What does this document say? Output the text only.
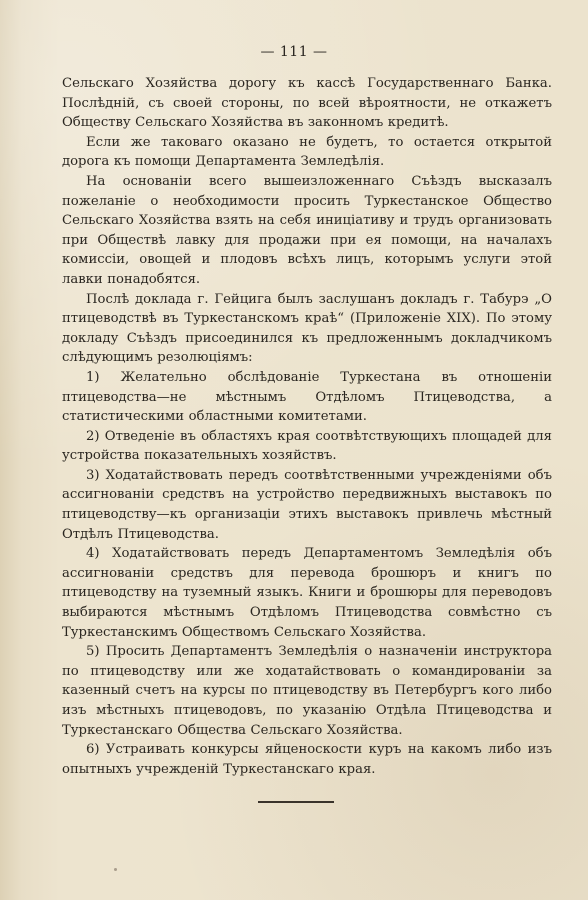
— 111 —

Сельскаго Хозяйства дорогу къ кассѣ Государственнаго Банка. Послѣдній, съ своей стороны, по всей вѣроятности, не откажетъ Обществу Сельскаго Хозяйства въ законномъ кредитѣ.

Если же таковаго оказано не будетъ, то остается открытой дорога къ помощи Департамента Земледѣлія.

На основаніи всего вышеизложеннаго Съѣздъ высказалъ пожеланіе о необходимости просить Туркестанское Общество Сельскаго Хозяйства взять на себя иниціативу и трудъ организовать при Обществѣ лавку для продажи при ея помощи, на началахъ комиссіи, овощей и плодовъ всѣхъ лицъ, которымъ услуги этой лавки понадобятся.

Послѣ доклада г. Гейцига былъ заслушанъ докладъ г. Табурэ „О птицеводствѣ въ Туркестанскомъ краѣ“ (Приложеніе XIX). По этому докладу Съѣздъ присоединился къ предложеннымъ докладчикомъ слѣдующимъ резолюціямъ:

1) Желательно обслѣдованіе Туркестана въ отношеніи птицеводства—не мѣстнымъ Отдѣломъ Птицеводства, а статистическими областными комитетами.

2) Отведеніе въ областяхъ края соотвѣтствующихъ площадей для устройства показательныхъ хозяйствъ.

3) Ходатайствовать передъ соотвѣтственными учрежденіями объ ассигнованіи средствъ на устройство передвижныхъ выставокъ по птицеводству—къ организаціи этихъ выставокъ привлечь мѣстный Отдѣлъ Птицеводства.

4) Ходатайствовать передъ Департаментомъ Земледѣлія объ ассигнованіи средствъ для перевода брошюръ и книгъ по птицеводству на туземный языкъ. Книги и брошюры для переводовъ выбираются мѣстнымъ Отдѣломъ Птицеводства совмѣстно съ Туркестанскимъ Обществомъ Сельскаго Хозяйства.

5) Просить Департаментъ Земледѣлія о назначеніи инструктора по птицеводству или же ходатайствовать о командированіи за казенный счетъ на курсы по птицеводству въ Петербургъ кого либо изъ мѣстныхъ птицеводовъ, по указанію Отдѣла Птицеводства и Туркестанскаго Общества Сельскаго Хозяйства.

6) Устраивать конкурсы яйценоскости куръ на какомъ либо изъ опытныхъ учрежденій Туркестанскаго края.
